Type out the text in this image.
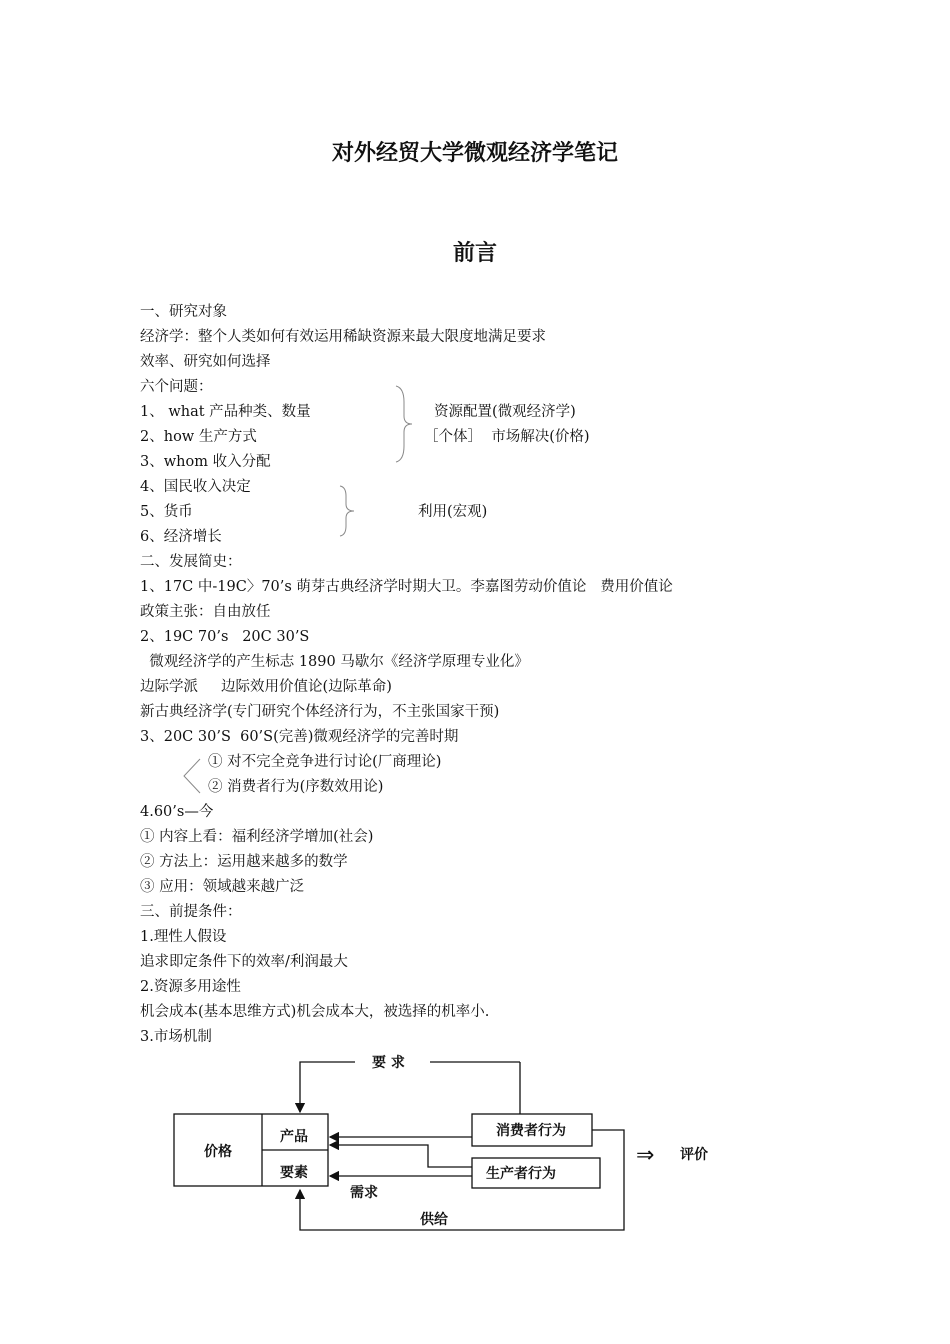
对外经贸大学微观经济学笔记
前言
一、研究对象
经济学：整个人类如何有效运用稀缺资源来最大限度地满足要求
效率、研究如何选择
六个问题：
1、 what 产品种类、数量
2、how 生产方式
3、whom 收入分配
4、国民收入决定
5、货币
6、经济增长
二、发展简史：
1、17C 中-19C〉70’s 萌芽古典经济学时期大卫。李嘉图劳动价值论   费用价值论
政策主张：自由放任
2、19C 70’s   20C 30’S
微观经济学的产生标志 1890 马歇尔《经济学原理专业化》
边际学派     边际效用价值论(边际革命)
新古典经济学(专门研究个体经济行为，不主张国家干预)
3、20C 30’S  60’S(完善)微观经济学的完善时期
① 对不完全竞争进行讨论(厂商理论)
② 消费者行为(序数效用论)
4.60’s—今
① 内容上看：福利经济学增加(社会)
② 方法上：运用越来越多的数学
③ 应用：领域越来越广泛
三、前提条件：
1.理性人假设
追求即定条件下的效率/利润最大
2.资源多用途性
机会成本(基本思维方式)机会成本大，被选择的机率小.
3.市场机制
资源配置(微观经济学)
［个体］  市场解决(价格)
利用(宏观)
要 求
价格
产品
要素
消费者行为
生产者行为
需求
供给
⇒ 评价
